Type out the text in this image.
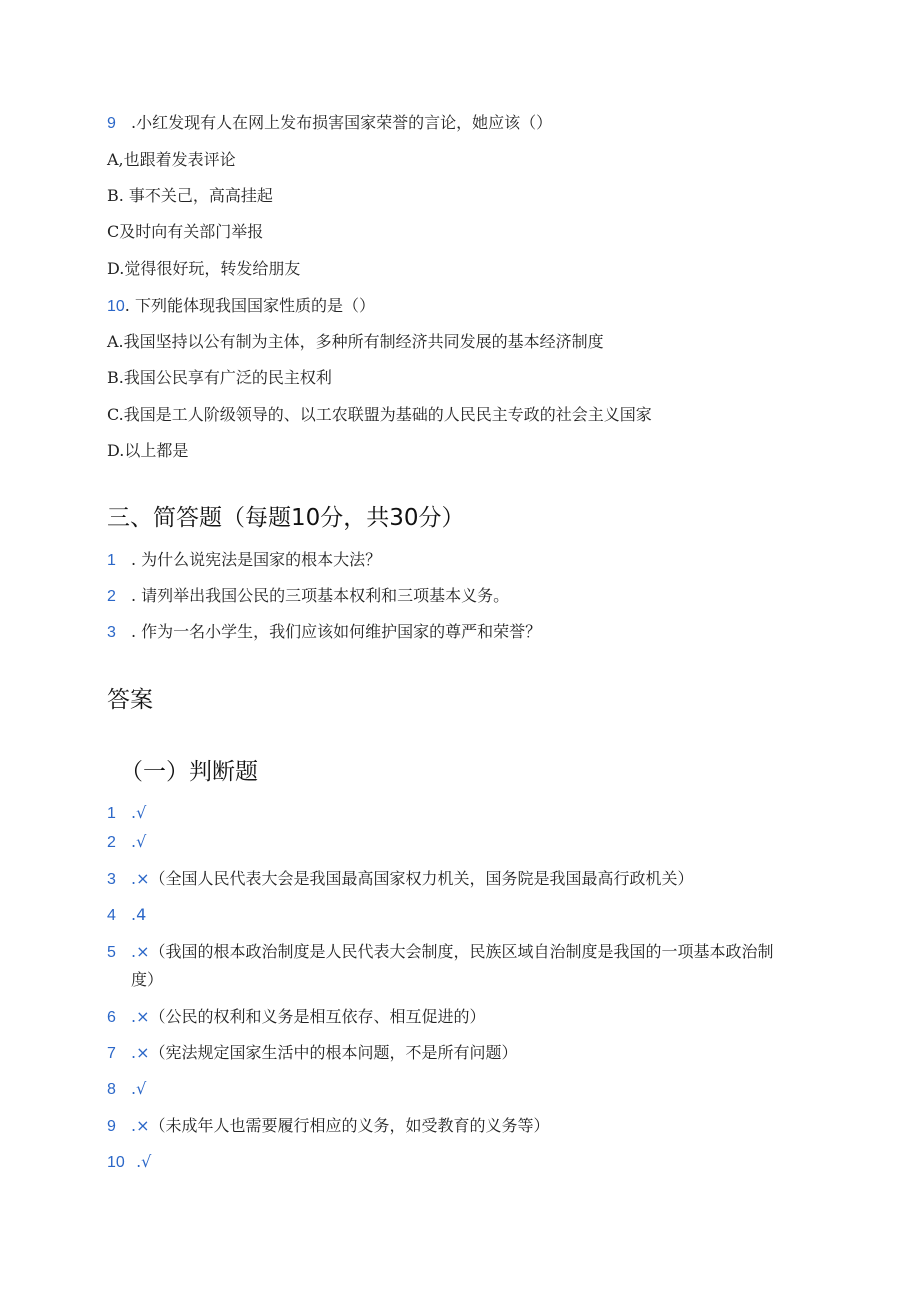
9 .小红发现有人在网上发布损害国家荣誉的言论，她应该（）
A,也跟着发表评论
B. 事不关己，高高挂起
C及时向有关部门举报
D.觉得很好玩，转发给朋友
10. 下列能体现我国国家性质的是（）
A.我国坚持以公有制为主体，多种所有制经济共同发展的基本经济制度
B.我国公民享有广泛的民主权利
C.我国是工人阶级领导的、以工农联盟为基础的人民民主专政的社会主义国家
D.以上都是
三、简答题（每题10分，共30分）
1 . 为什么说宪法是国家的根本大法？
2 . 请列举出我国公民的三项基本权利和三项基本义务。
3 . 作为一名小学生，我们应该如何维护国家的尊严和荣誉？
答案
（一）判断题
1 .√
2 .√
3 .×（全国人民代表大会是我国最高国家权力机关，国务院是我国最高行政机关）
4 .4
5 .×（我国的根本政治制度是人民代表大会制度，民族区域自治制度是我国的一项基本政治制
度）
6 .×（公民的权利和义务是相互依存、相互促进的）
7 .×（宪法规定国家生活中的根本问题，不是所有问题）
8 .√
9 .×（未成年人也需要履行相应的义务，如受教育的义务等）
10 .√
